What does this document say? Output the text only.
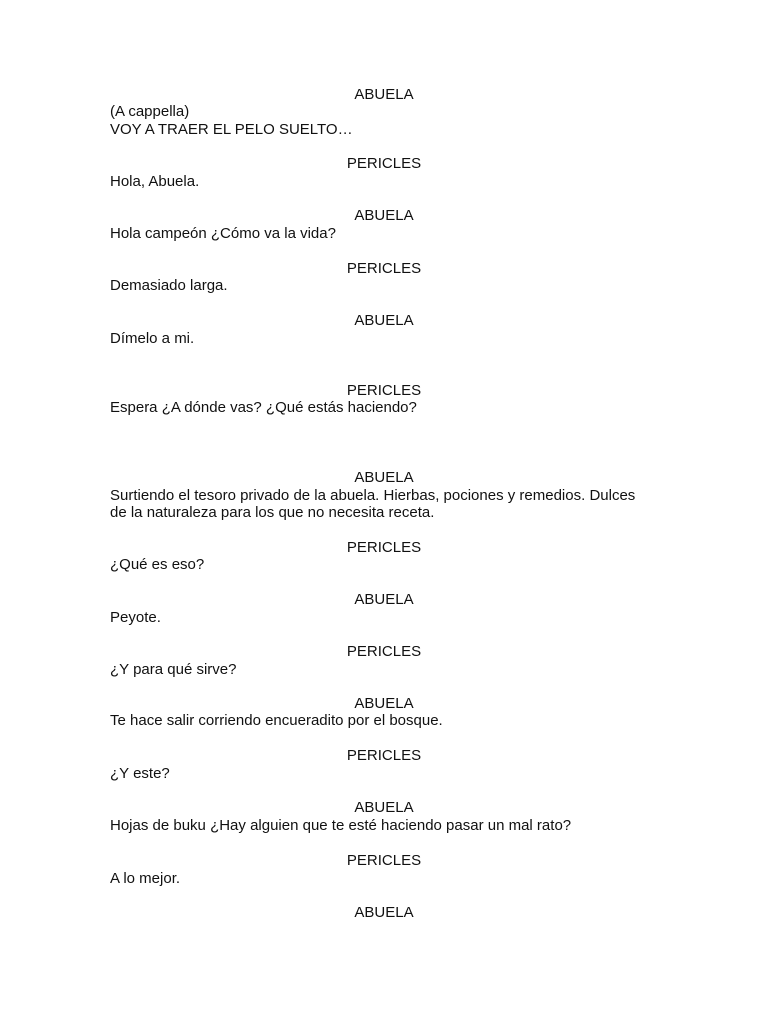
ABUELA
(A cappella)
VOY A TRAER EL PELO SUELTO…
PERICLES
Hola, Abuela.
ABUELA
Hola campeón ¿Cómo va la vida?
PERICLES
Demasiado larga.
ABUELA
Dímelo a mi.
PERICLES
Espera ¿A dónde vas? ¿Qué estás haciendo?
ABUELA
Surtiendo el tesoro privado de la abuela. Hierbas, pociones y remedios. Dulces
de la naturaleza para los que no necesita receta.
PERICLES
¿Qué es eso?
ABUELA
Peyote.
PERICLES
¿Y para qué sirve?
ABUELA
Te hace salir corriendo encueradito por el bosque.
PERICLES
¿Y este?
ABUELA
Hojas de buku ¿Hay alguien que te esté haciendo pasar un mal rato?
PERICLES
A lo mejor.
ABUELA
